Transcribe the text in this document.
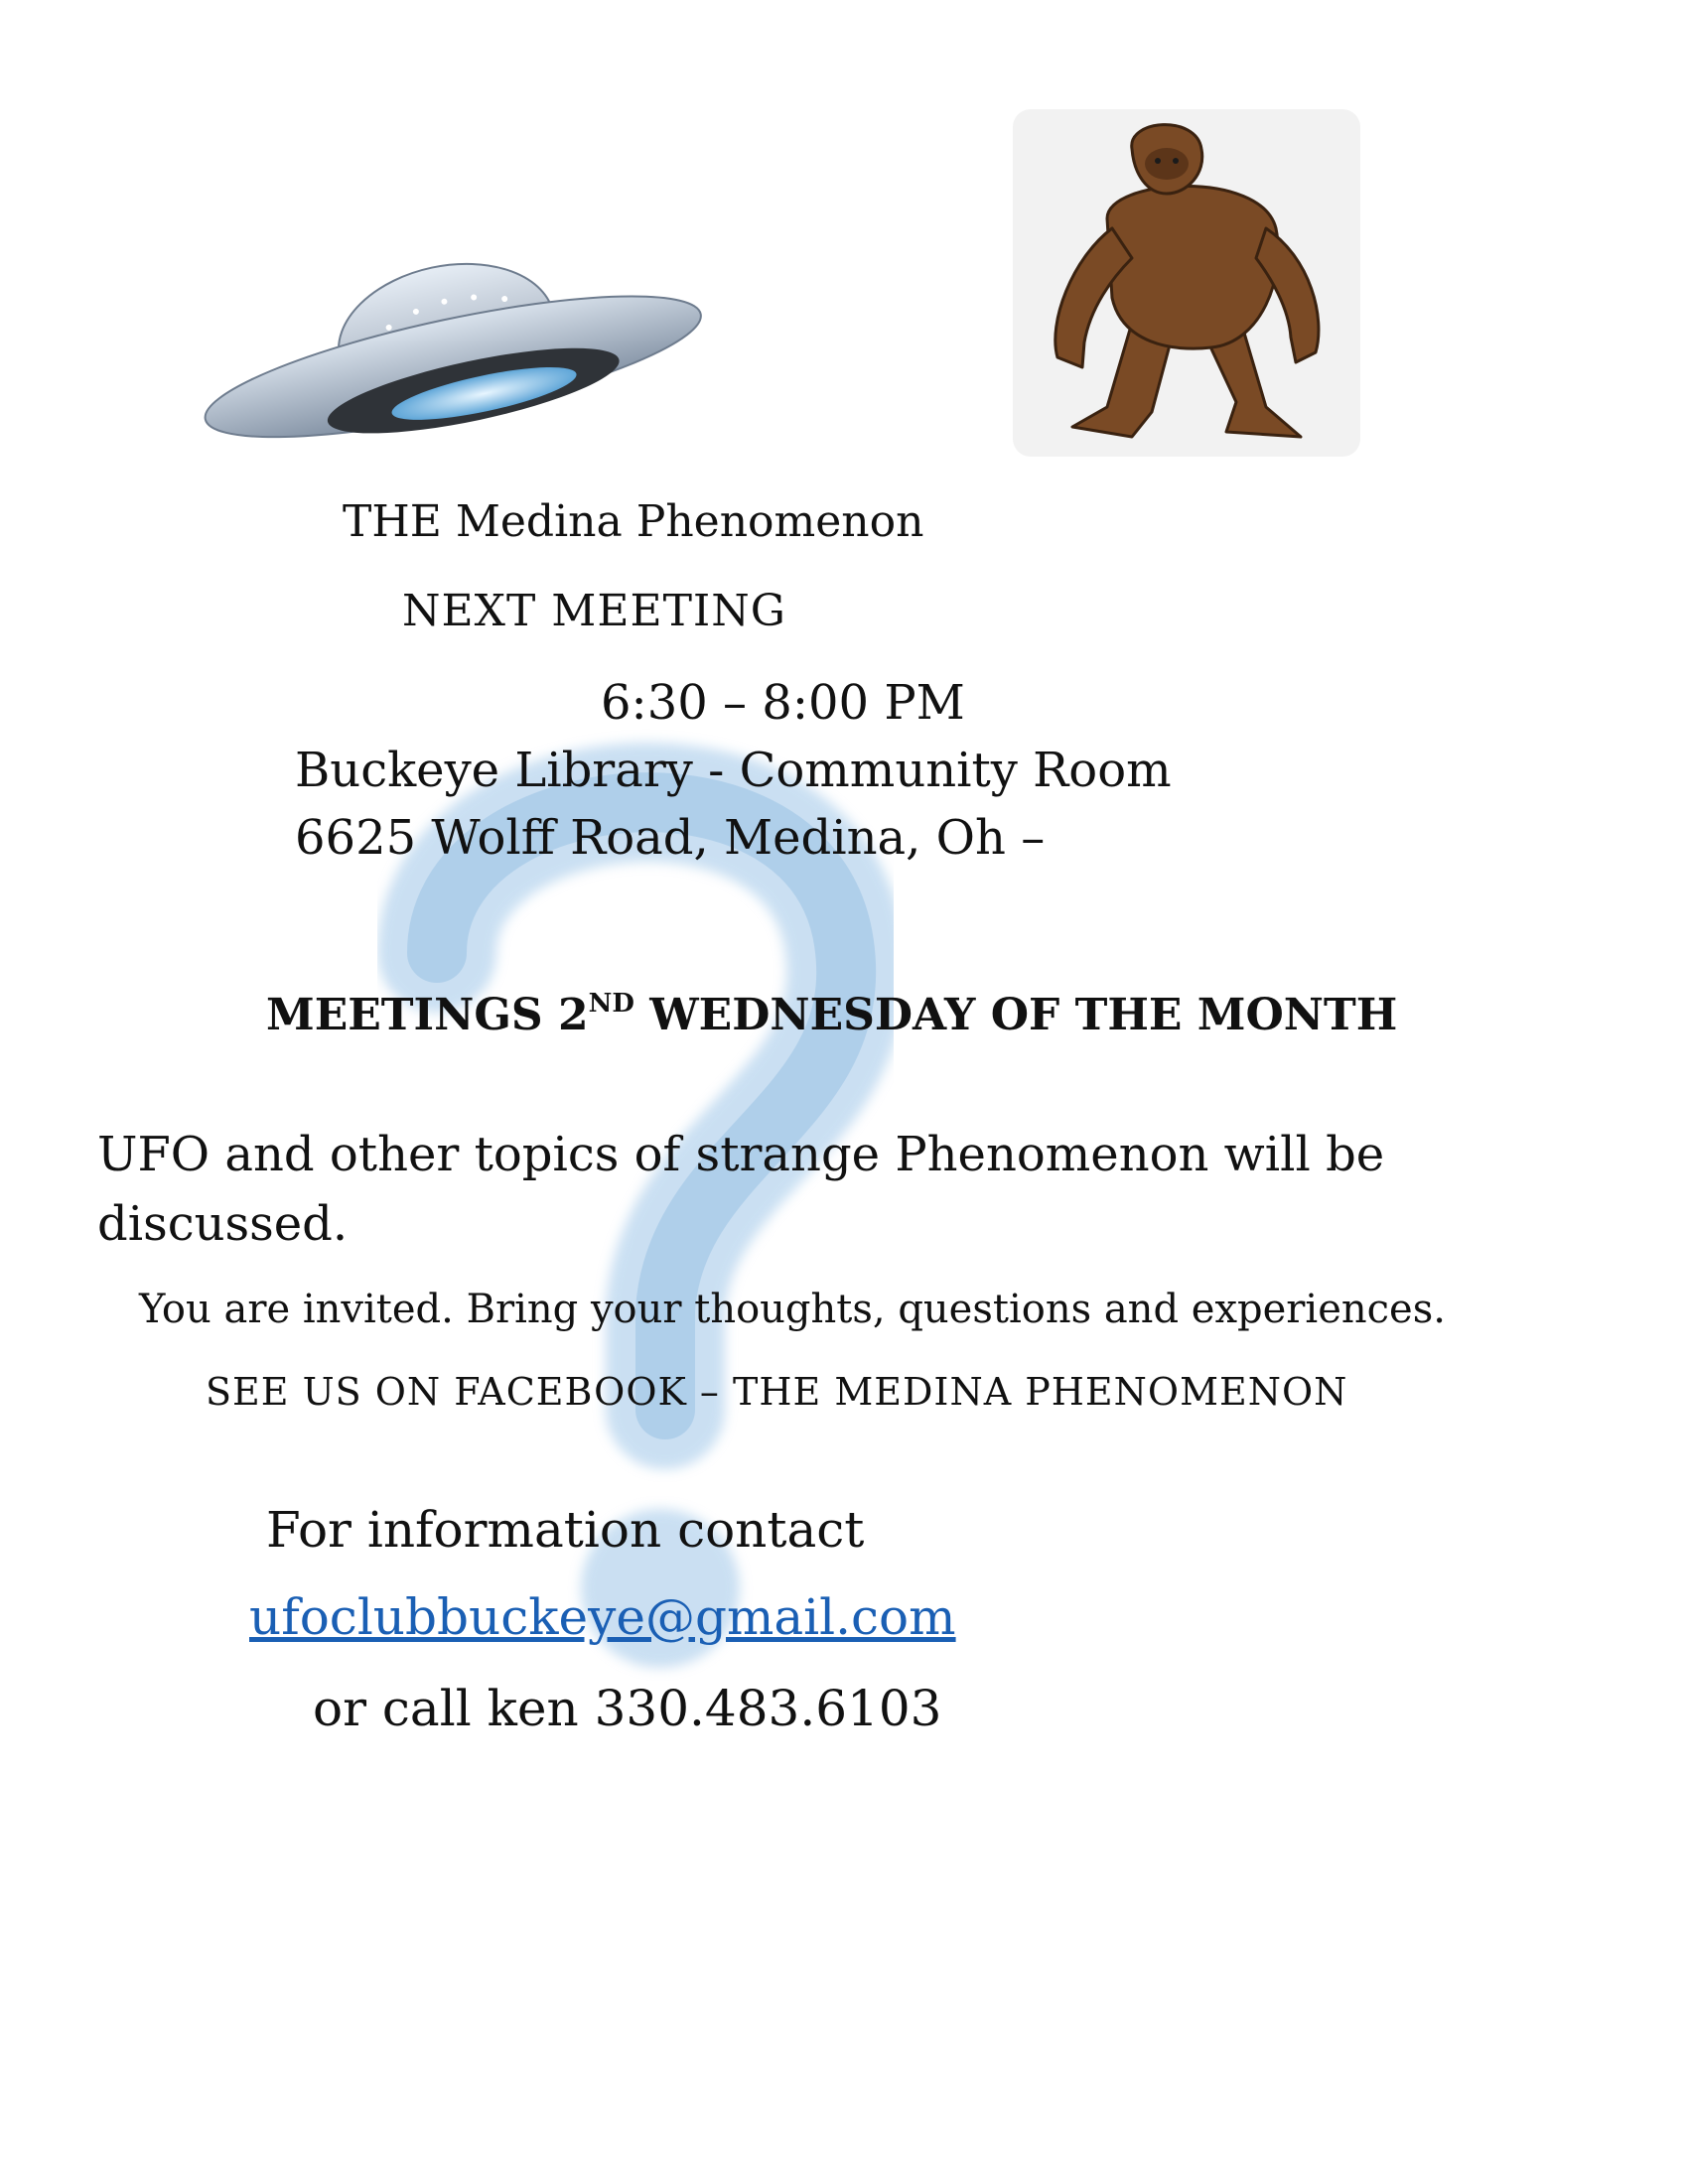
THE Medina Phenomenon
NEXT MEETING
6:30 – 8:00 PM
Buckeye Library - Community Room
6625 Wolff Road, Medina, Oh –
MEETINGS 2ND WEDNESDAY OF THE MONTH
UFO and other topics of strange Phenomenon will be
discussed.
You are invited. Bring your thoughts, questions and experiences.
SEE US ON FACEBOOK – THE MEDINA PHENOMENON
For information contact
ufoclubbuckeye@gmail.com
or call ken 330.483.6103
